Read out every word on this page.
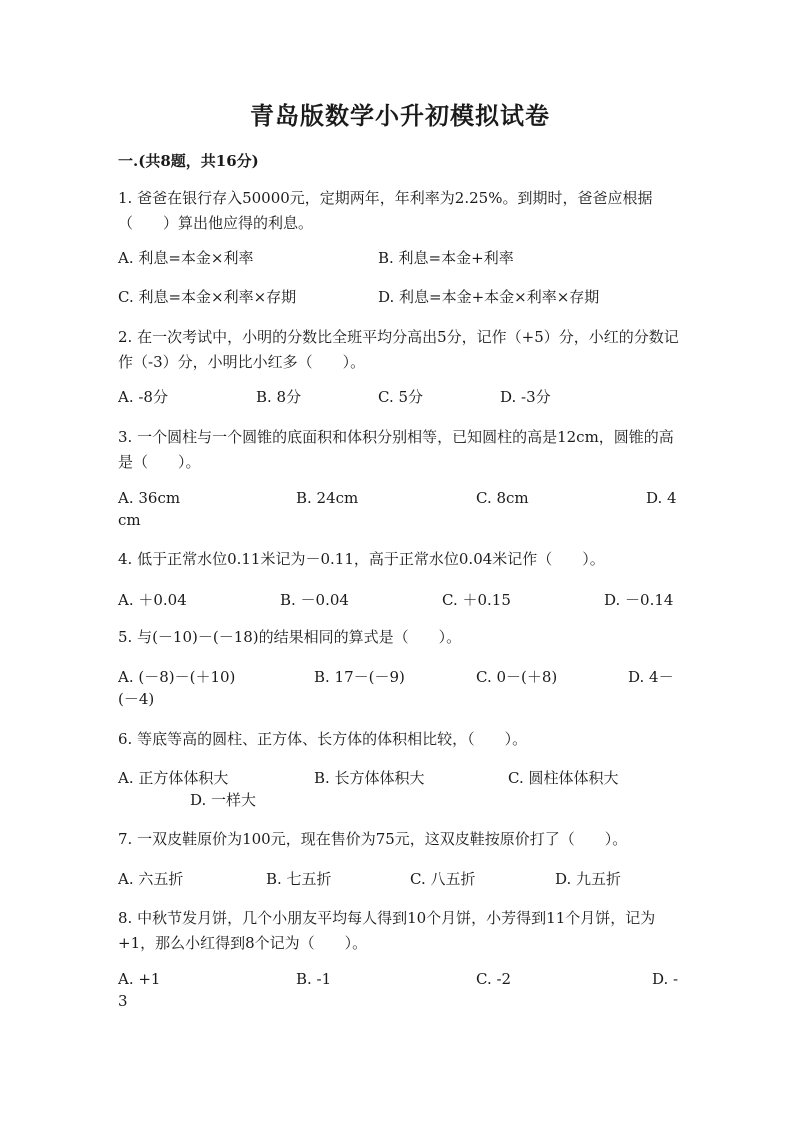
青岛版数学小升初模拟试卷
一.(共8题，共16分)
1. 爸爸在银行存入50000元，定期两年，年利率为2.25%。到期时，爸爸应根据（　　）算出他应得的利息。
A. 利息=本金×利率	B. 利息=本金+利率
C. 利息=本金×利率×存期	D. 利息=本金+本金×利率×存期
2. 在一次考试中，小明的分数比全班平均分高出5分，记作（+5）分，小红的分数记作（-3）分，小明比小红多（　　）。
A. -8分	B. 8分	C. 5分	D. -3分
3. 一个圆柱与一个圆锥的底面积和体积分别相等，已知圆柱的高是12cm，圆锥的高是（　　）。
A. 36cm	B. 24cm	C. 8cm	D. 4cm
4. 低于正常水位0.11米记为－0.11，高于正常水位0.04米记作（　　）。
A. ＋0.04	B. －0.04	C. ＋0.15	D. －0.14
5. 与(－10)－(－18)的结果相同的算式是（　　）。
A. (－8)－(＋10)	B. 17－(－9)	C. 0－(＋8)	D. 4－(－4)
6. 等底等高的圆柱、正方体、长方体的体积相比较，（　　）。
A. 正方体体积大	B. 长方体体积大	C. 圆柱体体积大
D. 一样大
7. 一双皮鞋原价为100元，现在售价为75元，这双皮鞋按原价打了（　　）。
A. 六五折	B. 七五折	C. 八五折	D. 九五折
8. 中秋节发月饼，几个小朋友平均每人得到10个月饼，小芳得到11个月饼，记为+1，那么小红得到8个记为（　　）。
A. +1	B. -1	C. -2	D. -3
